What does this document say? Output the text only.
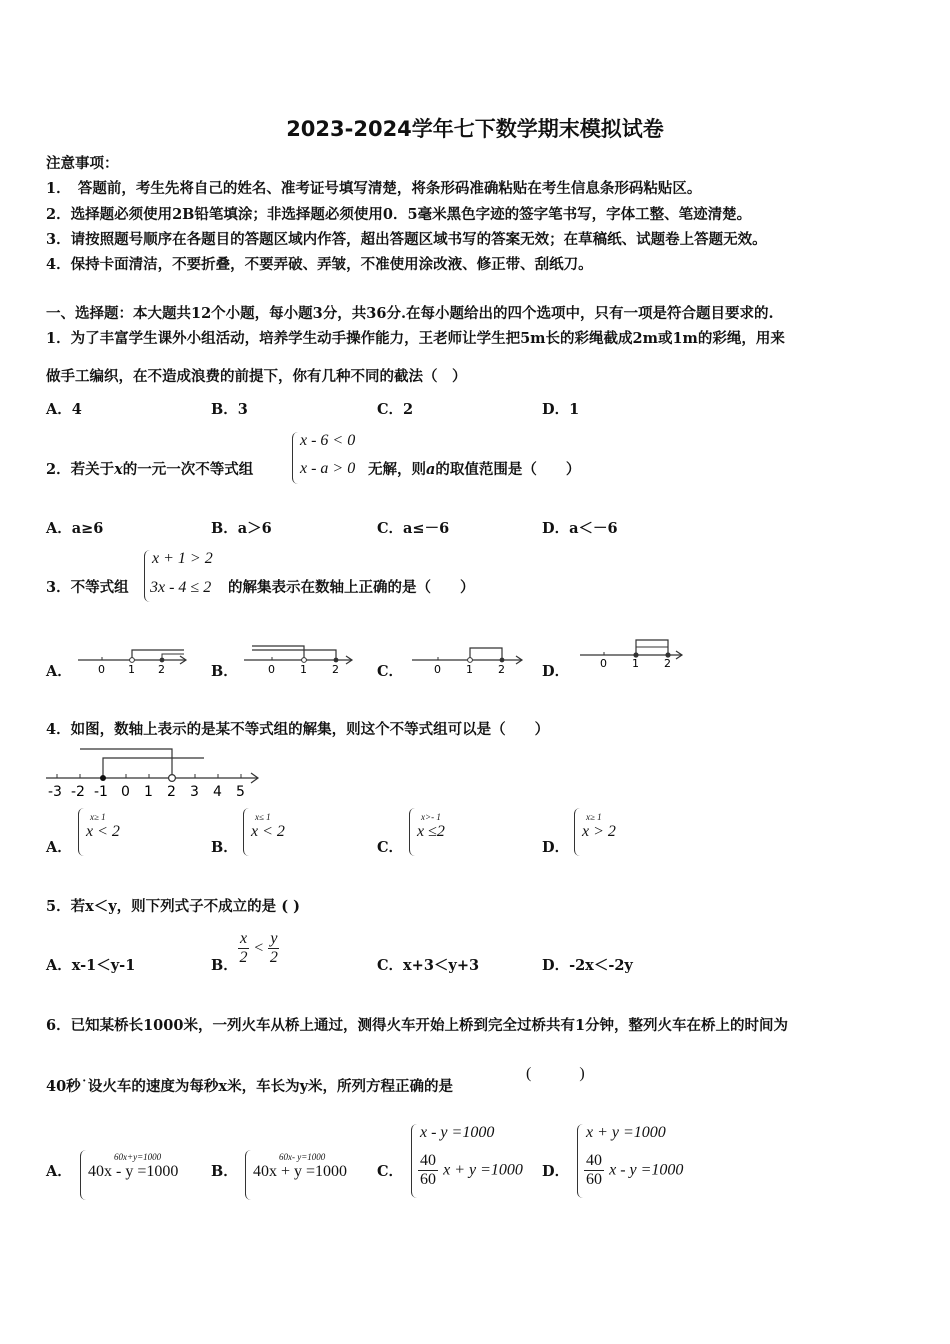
2023-2024学年七下数学期末模拟试卷
注意事项：
1．　答题前，考生先将自己的姓名、准考证号填写清楚，将条形码准确粘贴在考生信息条形码粘贴区。
2．选择题必须使用2B铅笔填涂；非选择题必须使用0．5毫米黑色字迹的签字笔书写，字体工整、笔迹清楚。
3．请按照题号顺序在各题目的答题区域内作答，超出答题区域书写的答案无效；在草稿纸、试题卷上答题无效。
4．保持卡面清洁，不要折叠，不要弄破、弄皱，不准使用涂改液、修正带、刮纸刀。
一、选择题：本大题共12个小题，每小题3分，共36分.在每小题给出的四个选项中，只有一项是符合题目要求的.
1．为了丰富学生课外小组活动，培养学生动手操作能力，王老师让学生把5m长的彩绳截成2m或1m的彩绳，用来
做手工编织，在不造成浪费的前提下，你有几种不同的截法（　）
A．4	B．3	C．2	D．1
2．若关于x的一元一次不等式组
x - 6 < 0
x - a > 0 无解，则a的取值范围是（　　）
A．a≥6	B．a＞6	C．a≤－6	D．a＜－6
3．不等式组
x + 1 > 2
3x - 4 ≤ 2 的解集表示在数轴上正确的是（　　）
A．	B．	C．	D．
0 1 2	0 1 2	0 1 2	0 1 2
4．如图，数轴上表示的是某不等式组的解集，则这个不等式组可以是（　　）
-3 -2 -1 0 1 2 3 4 5
A．
x≥ 1
x < 2
B．
x≤ 1
x < 2
C．
x>- 1
x ≤2
D．
x≥ 1
x > 2
5．若x＜y，则下列式子不成立的是 ( )
A．x-1＜y-1	B． $\frac{x}{2} < \frac{y}{2}$	C．x+3＜y+3	D．-2x＜-2y
6．已知某桥长1000米，一列火车从桥上通过，测得火车开始上桥到完全过桥共有1分钟，整列火车在桥上的时间为
40秒˙设火车的速度为每秒x米，车长为y米，所列方程正确的是
(　　　)
A．
60x+y=1000
40x - y =1000 B．
60x- y=1000
40x + y =1000 C．
x - y =1000
$\frac{40}{60}$ x + y =1000 D．
x + y =1000
$\frac{40}{60}$ x - y =1000
